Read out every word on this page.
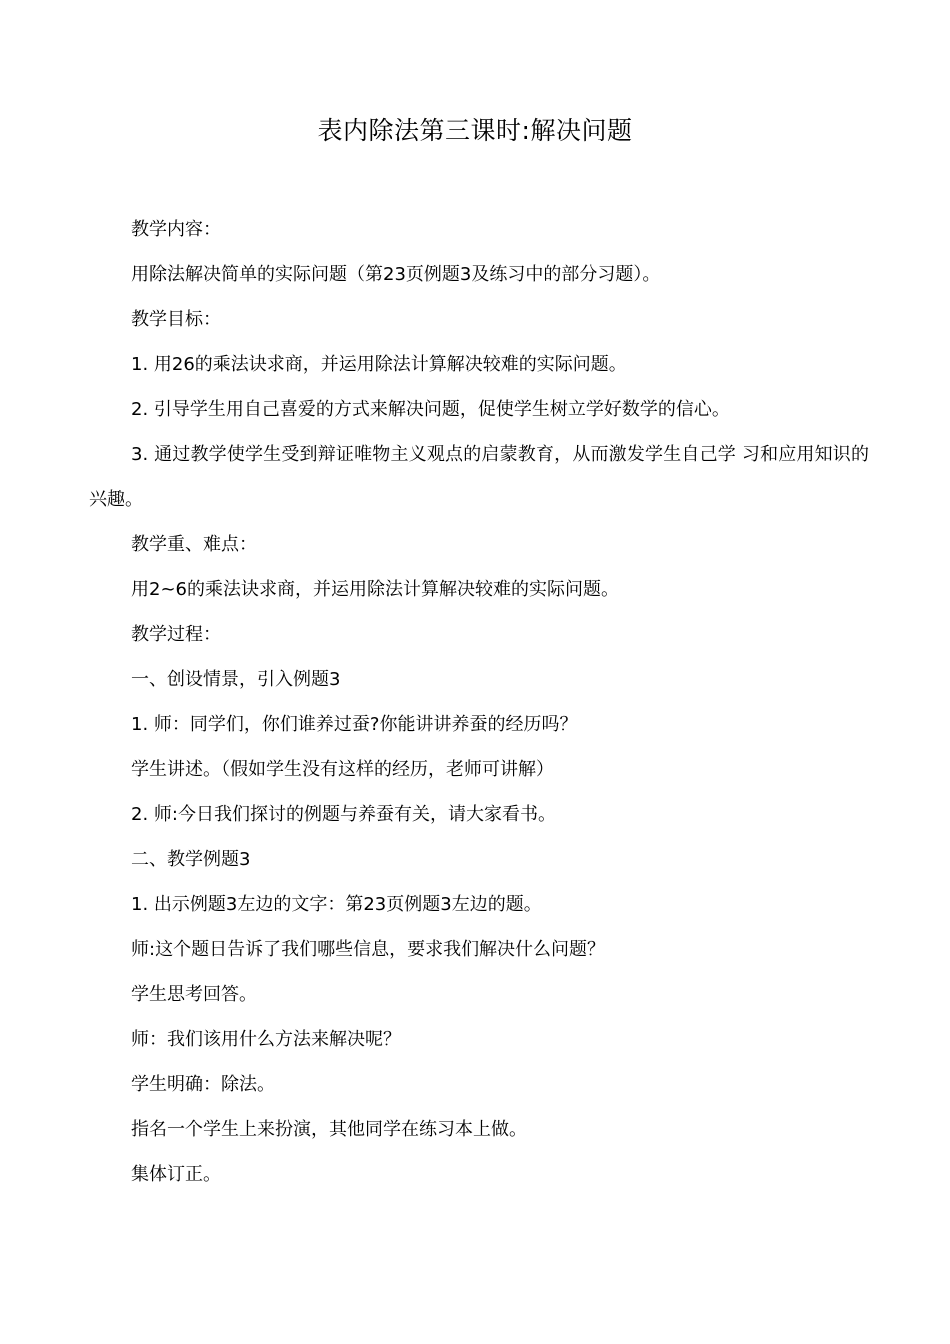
表内除法第三课时:解决问题
教学内容：
用除法解决简单的实际问题（第23页例题3及练习中的部分习题）。
教学目标：
1. 用26的乘法诀求商，并运用除法计算解决较难的实际问题。
2. 引导学生用自己喜爱的方式来解决问题，促使学生树立学好数学的信心。
3. 通过教学使学生受到辩证唯物主义观点的启蒙教育，从而激发学生自己学 习和应用知识的兴趣。
教学重、难点：
用2~6的乘法诀求商，并运用除法计算解决较难的实际问题。
教学过程：
一、创设情景，引入例题3
1. 师：同学们，你们谁养过蚕?你能讲讲养蚕的经历吗？
学生讲述。（假如学生没有这样的经历，老师可讲解）
2. 师:今日我们探讨的例题与养蚕有关，请大家看书。
二、教学例题3
1. 出示例题3左边的文字：第23页例题3左边的题。
师:这个题日告诉了我们哪些信息，要求我们解决什么问题？
学生思考回答。
师：我们该用什么方法来解决呢？
学生明确：除法。
指名一个学生上来扮演，其他同学在练习本上做。
集体订正。
